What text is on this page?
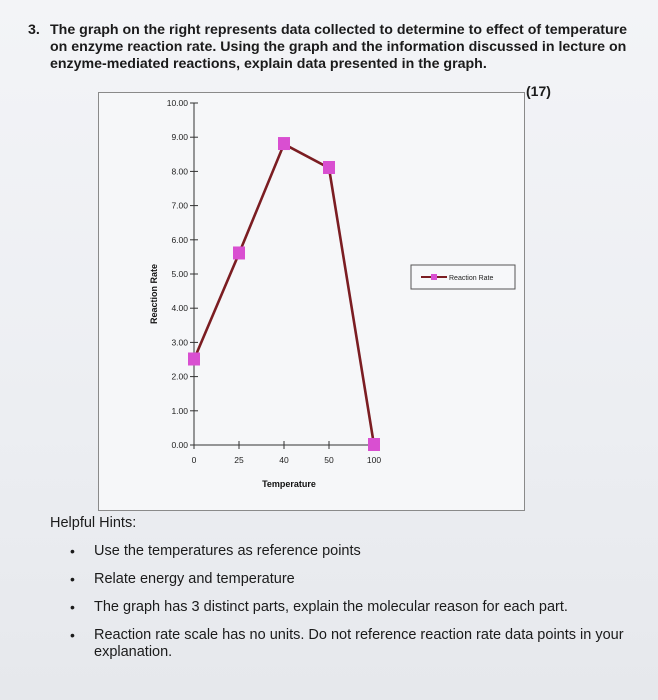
3. The graph on the right represents data collected to determine to effect of temperature on enzyme reaction rate. Using the graph and the information discussed in lecture on enzyme-mediated reactions, explain data presented in the graph.
(17)
0.00
1.00
2.00
3.00
4.00
5.00
6.00
7.00
8.00
9.00
10.00
0	25	40	50	100
Temperature
Reaction Rate	Reaction Rate
Helpful Hints:
• Use the temperatures as reference points
• Relate energy and temperature
• The graph has 3 distinct parts, explain the molecular reason for each part.
• Reaction rate scale has no units. Do not reference reaction rate data points in your explanation.
